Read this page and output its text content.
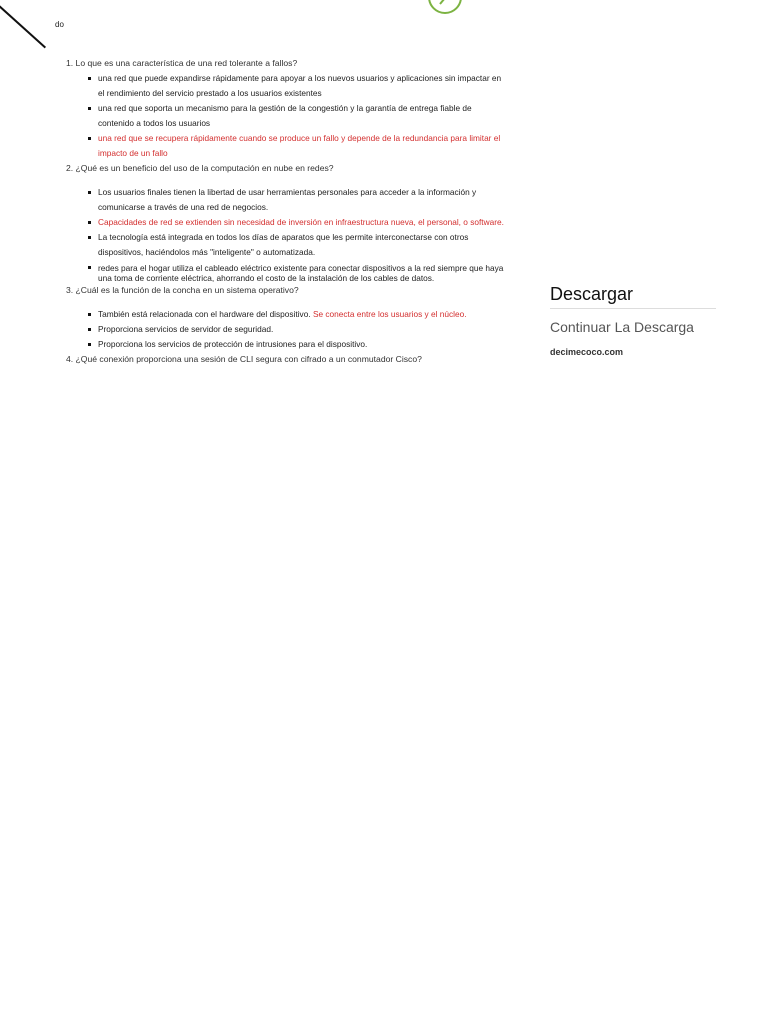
do

1. Lo que es una característica de una red tolerante a fallos?

una red que puede expandirse rápidamente para apoyar a los nuevos usuarios y aplicaciones sin impactar en el rendimiento del servicio prestado a los usuarios existentes
una red que soporta un mecanismo para la gestión de la congestión y la garantía de entrega fiable de contenido a todos los usuarios
una red que se recupera rápidamente cuando se produce un fallo y depende de la redundancia para limitar el impacto de un fallo

2. ¿Qué es un beneficio del uso de la computación en nube en redes?

Los usuarios finales tienen la libertad de usar herramientas personales para acceder a la información y comunicarse a través de una red de negocios.
Capacidades de red se extienden sin necesidad de inversión en infraestructura nueva, el personal, o software.
La tecnología está integrada en todos los días de aparatos que les permite interconectarse con otros dispositivos, haciéndolos más "inteligente" o automatizada.
redes para el hogar utiliza el cableado eléctrico existente para conectar dispositivos a la red siempre que haya una toma de corriente eléctrica, ahorrando el costo de la instalación de los cables de datos.

3. ¿Cuál es la función de la concha en un sistema operativo?

También está relacionada con el hardware del dispositivo. Se conecta entre los usuarios y el núcleo.
Proporciona servicios de servidor de seguridad.
Proporciona los servicios de protección de intrusiones para el dispositivo.

4. ¿Qué conexión proporciona una sesión de CLI segura con cifrado a un conmutador Cisco?

Descargar
Continuar La Descarga
decimecoco.com
